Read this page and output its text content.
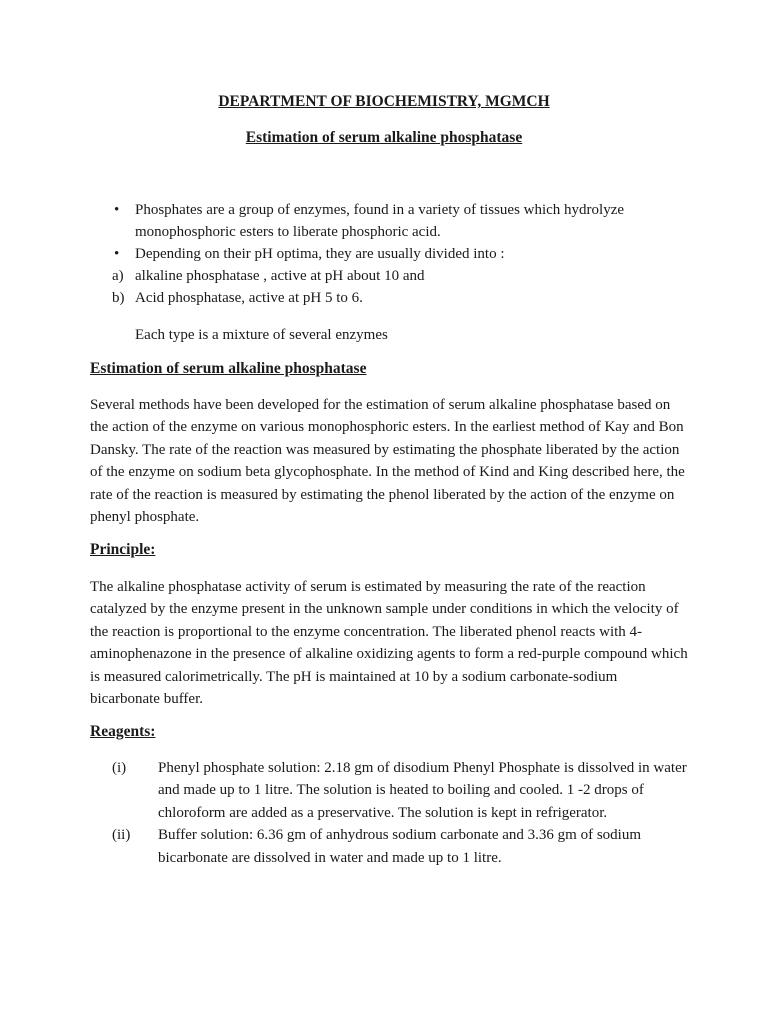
DEPARTMENT OF BIOCHEMISTRY, MGMCH
Estimation of serum alkaline phosphatase
• Phosphates are a group of enzymes, found in a variety of tissues which hydrolyze monophosphoric esters to liberate phosphoric acid.
• Depending on their pH optima, they are usually divided into :
a) alkaline phosphatase , active at pH about 10 and
b) Acid phosphatase, active at pH 5 to 6.

Each type is a mixture of several enzymes

Estimation of serum alkaline phosphatase

Several methods have been developed for the estimation of serum alkaline phosphatase based on the action of the enzyme on various monophosphoric esters. In the earliest method of Kay and Bon Dansky. The rate of the reaction was measured by estimating the phosphate liberated by the action of the enzyme on sodium beta glycophosphate. In the method of Kind and King described here, the rate of the reaction is measured by estimating the phenol liberated by the action of the enzyme on phenyl phosphate.

Principle:

The alkaline phosphatase activity of serum is estimated by measuring the rate of the reaction catalyzed by the enzyme present in the unknown sample under conditions in which the velocity of the reaction is proportional to the enzyme concentration. The liberated phenol reacts with 4-aminophenazone in the presence of alkaline oxidizing agents to form a red-purple compound which is measured calorimetrically. The pH is maintained at 10 by a sodium carbonate-sodium bicarbonate buffer.

Reagents:
(i) Phenyl phosphate solution: 2.18 gm of disodium Phenyl Phosphate is dissolved in water and made up to 1 litre. The solution is heated to boiling and cooled. 1 -2 drops of chloroform are added as a preservative. The solution is kept in refrigerator.
(ii) Buffer solution: 6.36 gm of anhydrous sodium carbonate and 3.36 gm of sodium bicarbonate are dissolved in water and made up to 1 litre.
